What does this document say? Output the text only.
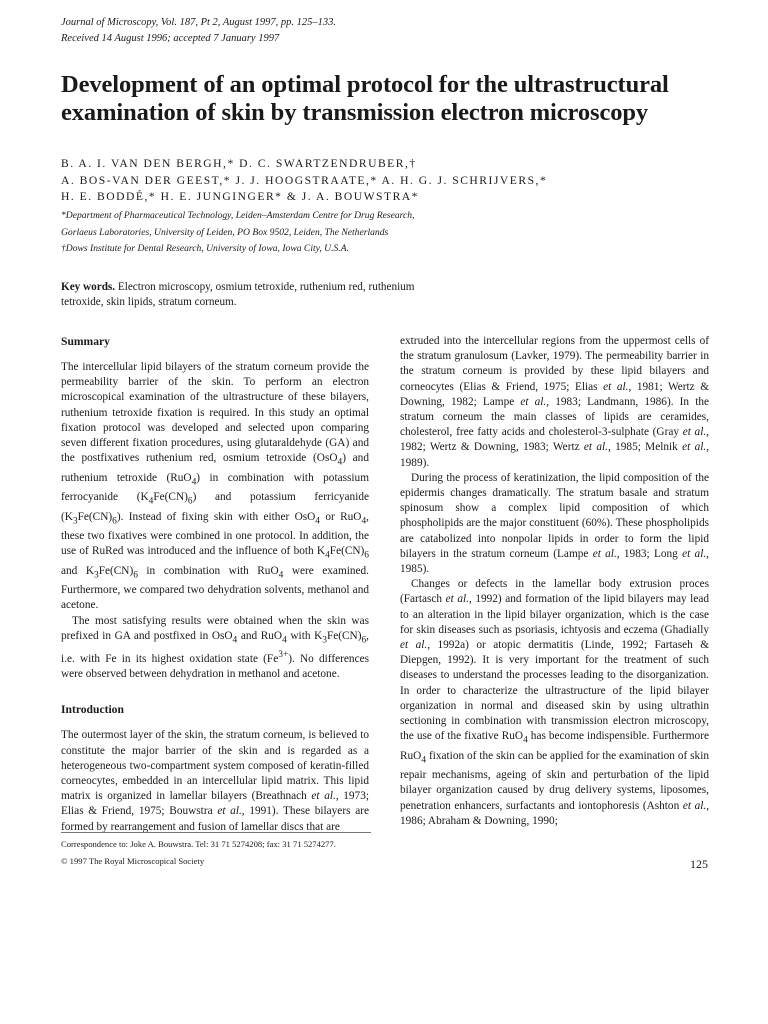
Journal of Microscopy, Vol. 187, Pt 2, August 1997, pp. 125–133.
Received 14 August 1996; accepted 7 January 1997
Development of an optimal protocol for the ultrastructural examination of skin by transmission electron microscopy
B. A. I. VAN DEN BERGH,* D. C. SWARTZENDRUBER,†
A. BOS-VAN DER GEEST,* J. J. HOOGSTRAATE,* A. H. G. J. SCHRIJVERS,*
H. E. BODDÉ,* H. E. JUNGINGER* & J. A. BOUWSTRA*
*Department of Pharmaceutical Technology, Leiden–Amsterdam Centre for Drug Research,
Gorlaeus Laboratories, University of Leiden, PO Box 9502, Leiden, The Netherlands
†Dows Institute for Dental Research, University of Iowa, Iowa City, U.S.A.
Key words. Electron microscopy, osmium tetroxide, ruthenium red, ruthenium tetroxide, skin lipids, stratum corneum.
Summary

The intercellular lipid bilayers of the stratum corneum provide the permeability barrier of the skin. To perform an electron microscopical examination of the ultrastructure of these bilayers, ruthenium tetroxide fixation is required. In this study an optimal fixation protocol was developed and selected upon comparing seven different fixation procedures, using glutaraldehyde (GA) and the postfixatives ruthenium red, osmium tetroxide (OsO$_4$) and ruthenium tetroxide (RuO$_4$) in combination with potassium ferrocyanide $(K_4Fe(CN)_6)$ and potassium ferricyanide $(K_3Fe(CN)_6)$. Instead of fixing skin with either OsO$_4$ or RuO$_4$, these two fixatives were combined in one protocol. In addition, the use of RuRed was introduced and the influence of both $K_4Fe(CN)_6$ and $K_3Fe(CN)_6$ in combination with RuO$_4$ were examined. Furthermore, we compared two dehydration solvents, methanol and acetone.

The most satisfying results were obtained when the skin was prefixed in GA and postfixed in OsO$_4$ and RuO$_4$ with $K_3Fe(CN)_6$, i.e. with Fe in its highest oxidation state $(Fe^{3+})$. No differences were observed between dehydration in methanol and acetone.

Introduction

The outermost layer of the skin, the stratum corneum, is believed to constitute the major barrier of the skin and is regarded as a heterogeneous two-compartment system composed of keratin-filled corneocytes, embedded in an intercellular lipid matrix. This lipid matrix is organized in lamellar bilayers (Breathnach et al., 1973; Elias & Friend, 1975; Bouwstra et al., 1991). These bilayers are formed by rearrangement and fusion of lamellar discs that are

Correspondence to: Joke A. Bouwstra. Tel: 31 71 5274208; fax: 31 71 5274277.
© 1997 The Royal Microscopical Society

extruded into the intercellular regions from the uppermost cells of the stratum granulosum (Lavker, 1979). The permeability barrier in the stratum corneum is provided by these lipid bilayers and corneocytes (Elias & Friend, 1975; Elias et al., 1981; Wertz & Downing, 1982; Lampe et al., 1983; Landmann, 1986). In the stratum corneum the main classes of lipids are ceramides, cholesterol, free fatty acids and cholesterol-3-sulphate (Gray et al., 1982; Wertz & Downing, 1983; Wertz et al., 1985; Melnik et al., 1989).

During the process of keratinization, the lipid composition of the epidermis changes dramatically. The stratum basale and stratum spinosum show a complex lipid composition of which phospholipids are the major constituent (60%). These phospholipids are catabolized into nonpolar lipids in order to form the lipid bilayers in the stratum corneum (Lampe et al., 1983; Long et al., 1985).

Changes or defects in the lamellar body extrusion proces (Fartasch et al., 1992) and formation of the lipid bilayers may lead to an alteration in the lipid bilayer organization, which is the case for skin diseases such as psoriasis, ichtyosis and eczema (Ghadially et al., 1992a) or atopic dermatitis (Linde, 1992; Fartaseh & Diepgen, 1992). It is very important for the treatment of such diseases to understand the processes leading to the disorganization. In order to characterize the ultrastructure of the lipid bilayer organization in normal and diseased skin by using ultrathin sectioning in combination with transmission electron microscopy, the use of the fixative RuO$_4$ has become indispensible. Furthermore RuO$_4$ fixation of the skin can be applied for the examination of skin repair mechanisms, ageing of skin and perturbation of the lipid bilayer organization caused by drug delivery systems, liposomes, penetration enhancers, surfactants and iontophoresis (Ashton et al., 1986; Abraham & Downing, 1990;

125
